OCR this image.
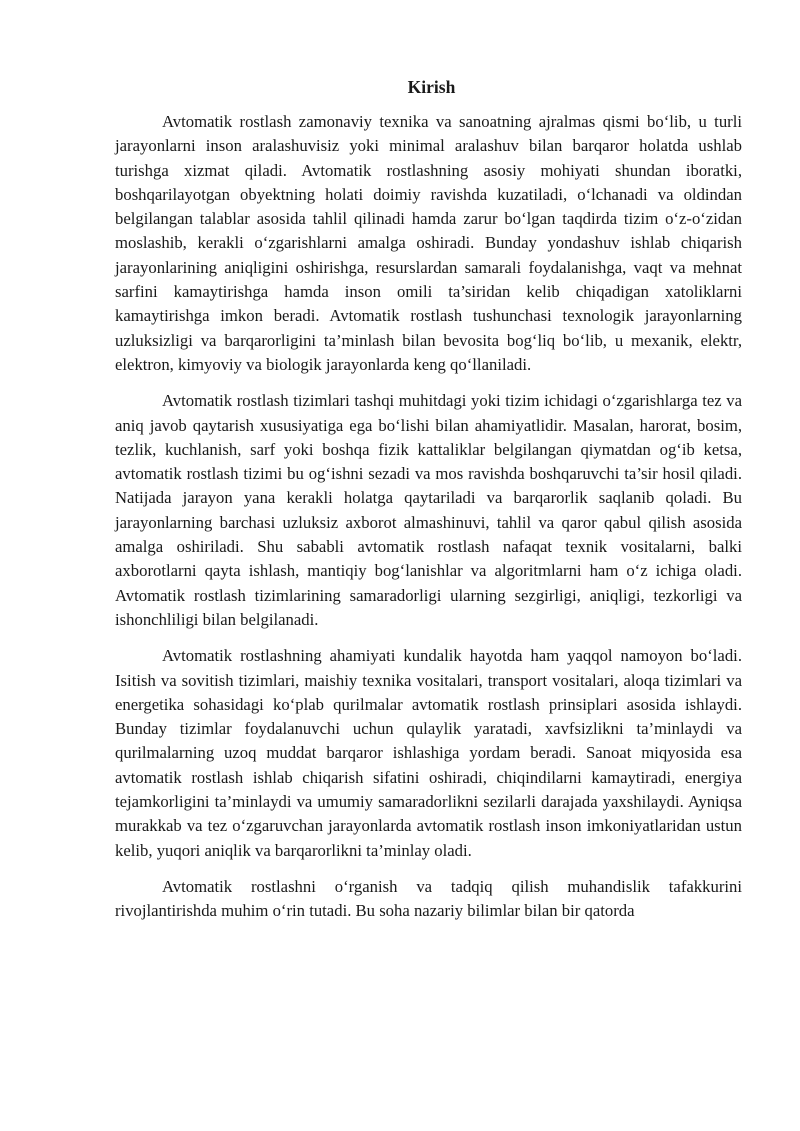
Kirish

Avtomatik rostlash zamonaviy texnika va sanoatning ajralmas qismi bo‘lib, u turli jarayonlarni inson aralashuvisiz yoki minimal aralashuv bilan barqaror holatda ushlab turishga xizmat qiladi. Avtomatik rostlashning asosiy mohiyati shundan iboratki, boshqarilayotgan obyektning holati doimiy ravishda kuzatiladi, o‘lchanadi va oldindan belgilangan talablar asosida tahlil qilinadi hamda zarur bo‘lgan taqdirda tizim o‘z-o‘zidan moslashib, kerakli o‘zgarishlarni amalga oshiradi. Bunday yondashuv ishlab chiqarish jarayonlarining aniqligini oshirishga, resurslardan samarali foydalanishga, vaqt va mehnat sarfini kamaytirishga hamda inson omili ta’siridan kelib chiqadigan xatoliklarni kamaytirishga imkon beradi. Avtomatik rostlash tushunchasi texnologik jarayonlarning uzluksizligi va barqarorligini ta’minlash bilan bevosita bog‘liq bo‘lib, u mexanik, elektr, elektron, kimyoviy va biologik jarayonlarda keng qo‘llaniladi.

Avtomatik rostlash tizimlari tashqi muhitdagi yoki tizim ichidagi o‘zgarishlarga tez va aniq javob qaytarish xususiyatiga ega bo‘lishi bilan ahamiyatlidir. Masalan, harorat, bosim, tezlik, kuchlanish, sarf yoki boshqa fizik kattaliklar belgilangan qiymatdan og‘ib ketsa, avtomatik rostlash tizimi bu og‘ishni sezadi va mos ravishda boshqaruvchi ta’sir hosil qiladi. Natijada jarayon yana kerakli holatga qaytariladi va barqarorlik saqlanib qoladi. Bu jarayonlarning barchasi uzluksiz axborot almashinuvi, tahlil va qaror qabul qilish asosida amalga oshiriladi. Shu sababli avtomatik rostlash nafaqat texnik vositalarni, balki axborotlarni qayta ishlash, mantiqiy bog‘lanishlar va algoritmlarni ham o‘z ichiga oladi. Avtomatik rostlash tizimlarining samaradorligi ularning sezgirligi, aniqligi, tezkorligi va ishonchliligi bilan belgilanadi.

Avtomatik rostlashning ahamiyati kundalik hayotda ham yaqqol namoyon bo‘ladi. Isitish va sovitish tizimlari, maishiy texnika vositalari, transport vositalari, aloqa tizimlari va energetika sohasidagi ko‘plab qurilmalar avtomatik rostlash prinsiplari asosida ishlaydi. Bunday tizimlar foydalanuvchi uchun qulaylik yaratadi, xavfsizlikni ta’minlaydi va qurilmalarning uzoq muddat barqaror ishlashiga yordam beradi. Sanoat miqyosida esa avtomatik rostlash ishlab chiqarish sifatini oshiradi, chiqindilarni kamaytiradi, energiya tejamkorligini ta’minlaydi va umumiy samaradorlikni sezilarli darajada yaxshilaydi. Ayniqsa murakkab va tez o‘zgaruvchan jarayonlarda avtomatik rostlash inson imkoniyatlaridan ustun kelib, yuqori aniqlik va barqarorlikni ta’minlay oladi.

Avtomatik rostlashni o‘rganish va tadqiq qilish muhandislik tafakkurini rivojlantirishda muhim o‘rin tutadi. Bu soha nazariy bilimlar bilan bir qatorda
